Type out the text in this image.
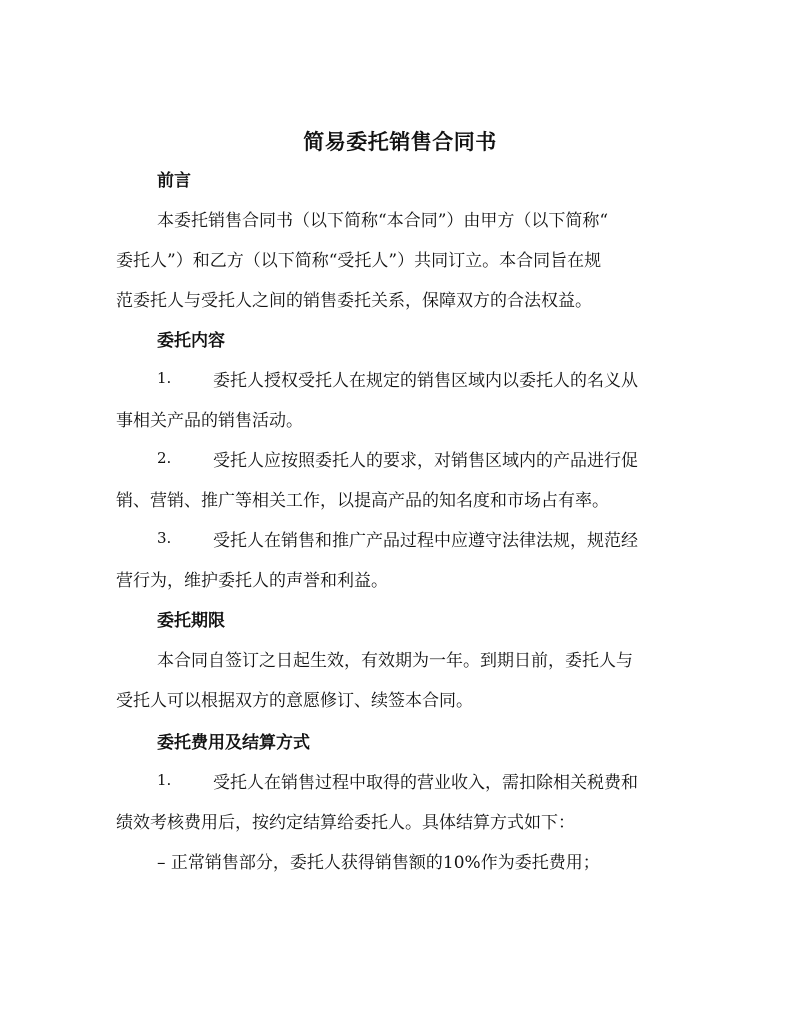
简易委托销售合同书
前言
本委托销售合同书（以下简称“本合同”）由甲方（以下简称“
委托人”）和乙方（以下简称“受托人”）共同订立。本合同旨在规
范委托人与受托人之间的销售委托关系，保障双方的合法权益。
委托内容
1. 委托人授权受托人在规定的销售区域内以委托人的名义从
事相关产品的销售活动。
2. 受托人应按照委托人的要求，对销售区域内的产品进行促
销、营销、推广等相关工作，以提高产品的知名度和市场占有率。
3. 受托人在销售和推广产品过程中应遵守法律法规，规范经
营行为，维护委托人的声誉和利益。
委托期限
本合同自签订之日起生效，有效期为一年。到期日前，委托人与
受托人可以根据双方的意愿修订、续签本合同。
委托费用及结算方式
1. 受托人在销售过程中取得的营业收入，需扣除相关税费和
绩效考核费用后，按约定结算给委托人。具体结算方式如下：
– 正常销售部分，委托人获得销售额的10%作为委托费用；
